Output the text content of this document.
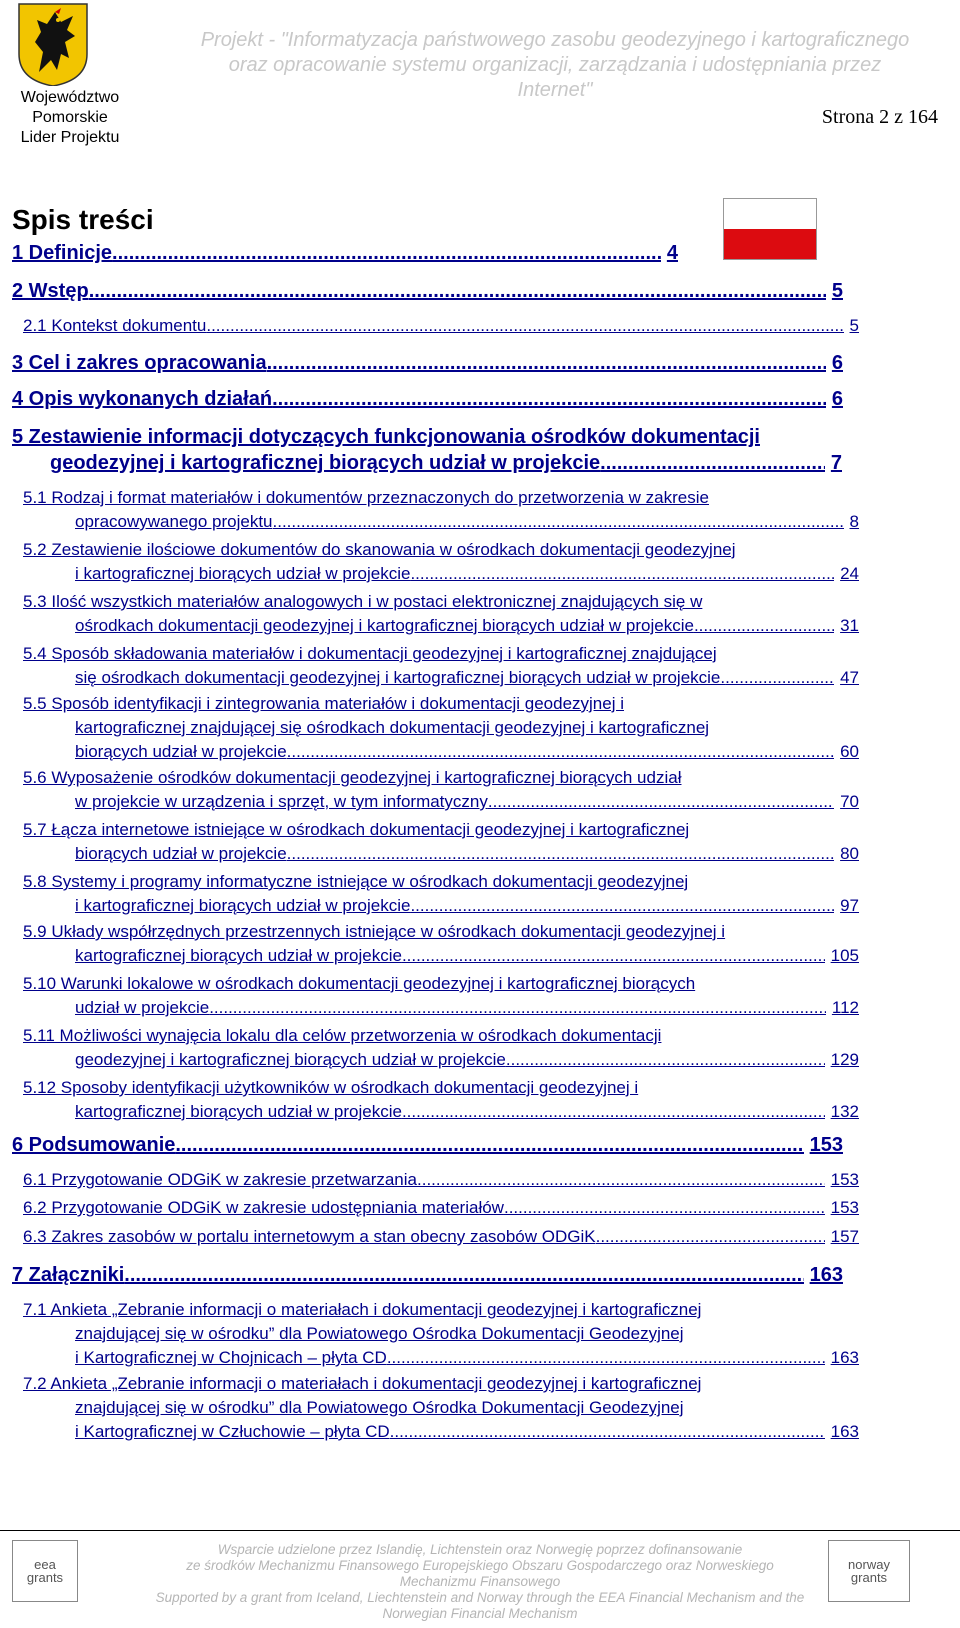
Województwo
Pomorskie
Lider Projektu
Projekt - "Informatyzacja państwowego zasobu geodezyjnego i kartograficznego
oraz opracowanie systemu organizacji, zarządzania i udostępniania przez
Internet"
Strona 2 z 164
Spis treści
1 Definicje .....	4
2 Wstęp .....	5
2.1 Kontekst dokumentu .....	5
3 Cel i zakres opracowania .....	6
4 Opis wykonanych działań .....	6
5 Zestawienie informacji dotyczących funkcjonowania ośrodków dokumentacji
geodezyjnej i kartograficznej biorących udział w projekcie .....	7
5.1 Rodzaj i format materiałów i dokumentów przeznaczonych do przetworzenia w zakresie
opracowywanego projektu .....	8
5.2 Zestawienie ilościowe dokumentów do skanowania w ośrodkach dokumentacji geodezyjnej
i kartograficznej biorących udział w projekcie .....	24
5.3 Ilość wszystkich materiałów analogowych i w postaci elektronicznej znajdujących się w
ośrodkach dokumentacji geodezyjnej i kartograficznej biorących udział w projekcie .....	31
5.4 Sposób składowania materiałów i dokumentacji geodezyjnej i kartograficznej znajdującej
się ośrodkach dokumentacji geodezyjnej i kartograficznej biorących udział w projekcie. .....	47
5.5 Sposób identyfikacji i zintegrowania materiałów i dokumentacji geodezyjnej i
kartograficznej znajdującej się ośrodkach dokumentacji geodezyjnej i kartograficznej
biorących udział w projekcie .....	60
5.6 Wyposażenie ośrodków dokumentacji geodezyjnej i kartograficznej biorących udział
w projekcie w urządzenia i sprzęt, w tym informatyczny .....	70
5.7 Łącza internetowe istniejące w ośrodkach dokumentacji geodezyjnej i kartograficznej
biorących udział w projekcie .....	80
5.8 Systemy i programy informatyczne istniejące w ośrodkach dokumentacji geodezyjnej
i kartograficznej biorących udział w projekcie .....	97
5.9 Układy współrzędnych przestrzennych istniejące w ośrodkach dokumentacji geodezyjnej i
kartograficznej biorących udział w projekcie .....	105
5.10 Warunki lokalowe w ośrodkach dokumentacji geodezyjnej i kartograficznej biorących
udział w projekcie .....	112
5.11 Możliwości wynajęcia lokalu dla celów przetworzenia w ośrodkach dokumentacji
geodezyjnej i kartograficznej biorących udział w projekcie .....	129
5.12 Sposoby identyfikacji użytkowników w ośrodkach dokumentacji geodezyjnej i
kartograficznej biorących udział w projekcie .....	132
6 Podsumowanie .....	153
6.1 Przygotowanie ODGiK w zakresie przetwarzania .....	153
6.2 Przygotowanie ODGiK w zakresie udostępniania materiałów .....	153
6.3 Zakres zasobów w portalu internetowym a stan obecny zasobów ODGiK .....	157
7 Załączniki .....	163
7.1 Ankieta „Zebranie informacji o materiałach i dokumentacji geodezyjnej i kartograficznej
znajdującej się w ośrodku” dla Powiatowego Ośrodka Dokumentacji Geodezyjnej
i Kartograficznej w Chojnicach – płyta CD .....	163
7.2 Ankieta „Zebranie informacji o materiałach i dokumentacji geodezyjnej i kartograficznej
znajdującej się w ośrodku” dla Powiatowego Ośrodka Dokumentacji Geodezyjnej
i Kartograficznej w Człuchowie – płyta CD .....	163
eea
grants
Wsparcie udzielone przez Islandię, Lichtenstein oraz Norwegię poprzez dofinansowanie
ze środków Mechanizmu Finansowego Europejskiego Obszaru Gospodarczego oraz Norweskiego
Mechanizmu Finansowego
Supported by a grant from Iceland, Liechtenstein and Norway through the EEA Financial Mechanism and the
Norwegian Financial Mechanism
norway
grants
